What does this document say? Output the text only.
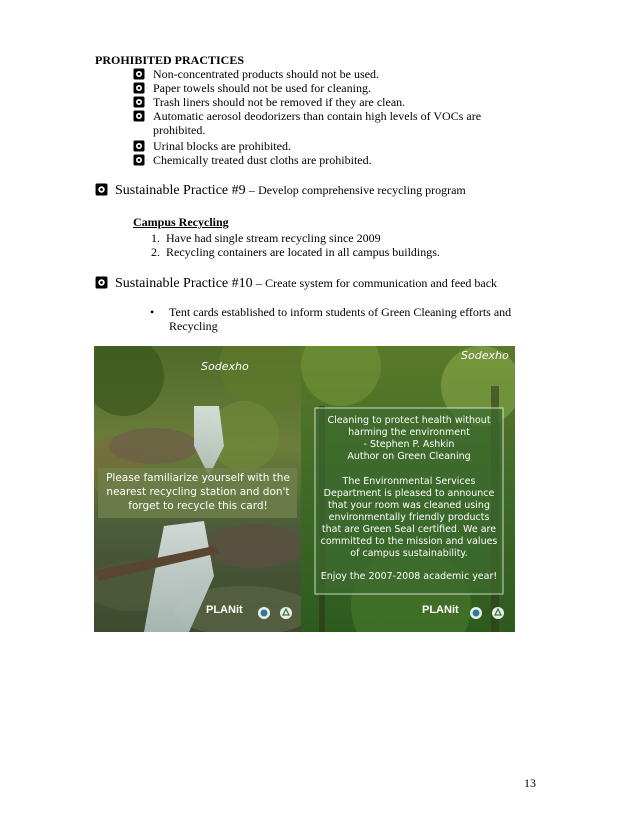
PROHIBITED PRACTICES
Non-concentrated products should not be used.
Paper towels should not be used for cleaning.
Trash liners should not be removed if they are clean.
Automatic aerosol deodorizers than contain high levels of VOCs are prohibited.
Urinal blocks are prohibited.
Chemically treated dust cloths are prohibited.
Sustainable Practice #9 – Develop comprehensive recycling program
Campus Recycling
1.  Have had single stream recycling since 2009
2.  Recycling containers are located in all campus buildings.
Sustainable Practice #10 – Create system for communication and feed back
• Tent cards established to inform students of Green Cleaning efforts and Recycling
Sodexho
Please familiarize yourself with the nearest recycling station and don't forget to recycle this card!
PLANit
Sodexho
Cleaning to protect health without harming the environment
- Stephen P. Ashkin
Author on Green Cleaning
The Environmental Services Department is pleased to announce that your room was cleaned using environmentally friendly products that are Green Seal certified. We are committed to the mission and values of campus sustainability.
Enjoy the 2007-2008 academic year!
PLANit
13
